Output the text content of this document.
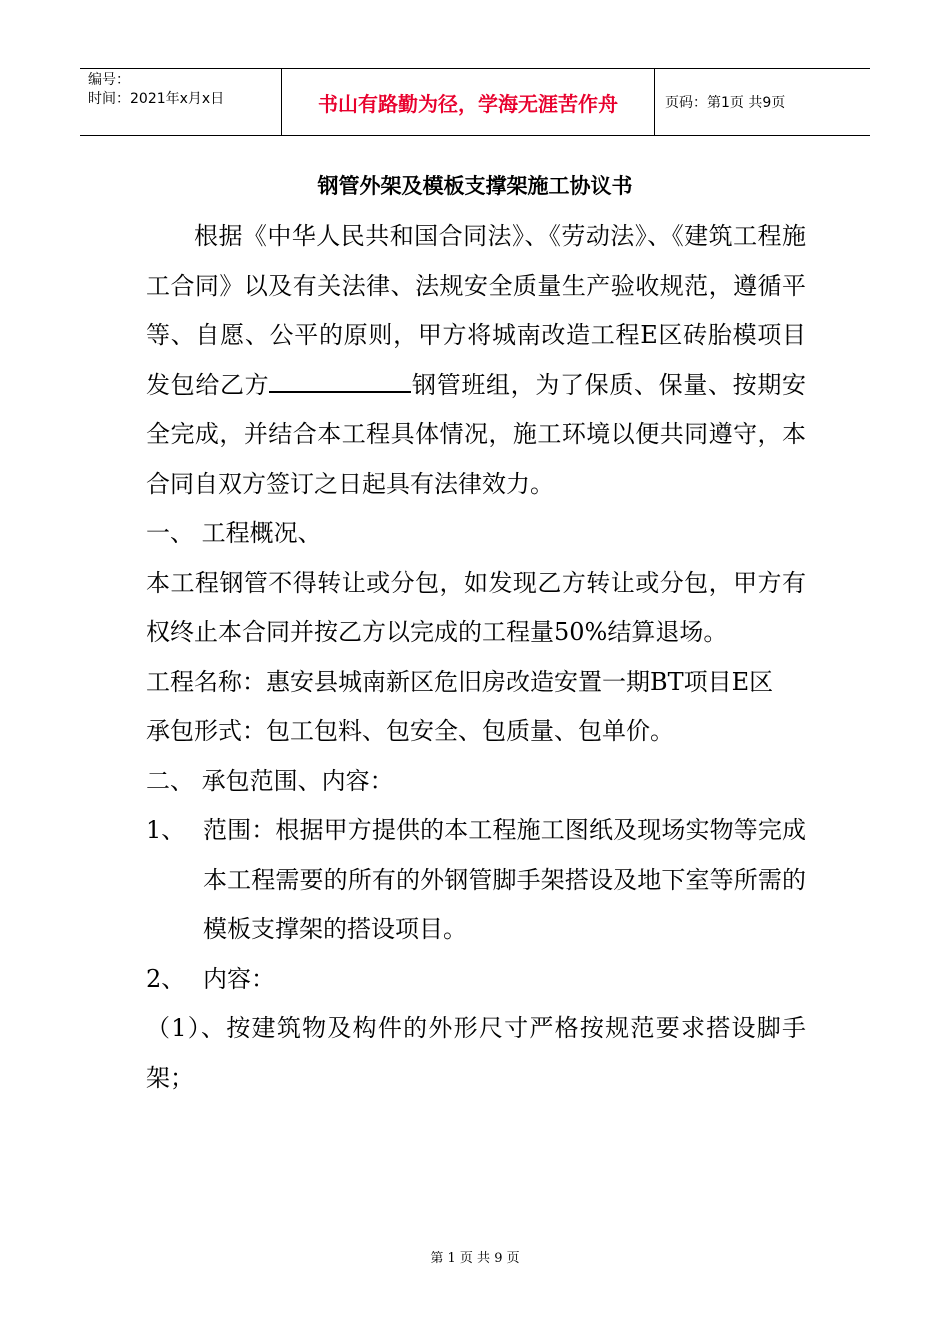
编号：
时间：2021年x月x日	书山有路勤为径，学海无涯苦作舟	页码：第1页 共9页
钢管外架及模板支撑架施工协议书

根据《中华人民共和国合同法》、《劳动法》、《建筑工程施工合同》以及有关法律、法规安全质量生产验收规范，遵循平等、自愿、公平的原则，甲方将城南改造工程E区砖胎模项目发包给乙方	钢管班组，为了保质、保量、按期安全完成，并结合本工程具体情况，施工环境以便共同遵守，本合同自双方签订之日起具有法律效力。

一、 工程概况、

本工程钢管不得转让或分包，如发现乙方转让或分包，甲方有权终止本合同并按乙方以完成的工程量50%结算退场。

工程名称：惠安县城南新区危旧房改造安置一期BT项目E区

承包形式：包工包料、包安全、包质量、包单价。

二、 承包范围、内容：

1、 范围：根据甲方提供的本工程施工图纸及现场实物等完成本工程需要的所有的外钢管脚手架搭设及地下室等所需的模板支撑架的搭设项目。
2、 内容：

（1）、按建筑物及构件的外形尺寸严格按规范要求搭设脚手架；

第 1 页 共 9 页
